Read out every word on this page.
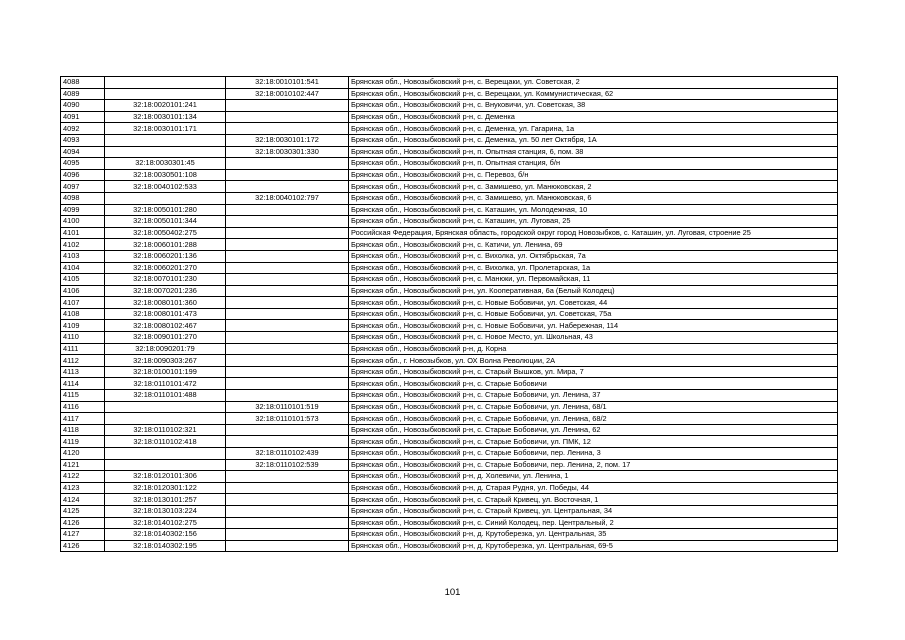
4088		32:18:0010101:541	Брянская обл., Новозыбковский р-н, с. Верещаки, ул. Советская, 2
4089		32:18:0010102:447	Брянская обл., Новозыбковский р-н, с. Верещаки, ул. Коммунистическая, 62
4090	32:18:0020101:241		Брянская обл., Новозыбковский р-н, с. Внуковичи, ул. Советская, 38
4091	32:18:0030101:134		Брянская обл., Новозыбковский р-н, с. Деменка
4092	32:18:0030101:171		Брянская обл., Новозыбковский р-н, с. Деменка, ул. Гагарина, 1а
4093		32:18:0030101:172	Брянская обл., Новозыбковский р-н, с. Деменка, ул. 50 лет Октября, 1А
4094		32:18:0030301:330	Брянская обл., Новозыбковский р-н, п. Опытная станция, 6, пом. 38
4095	32:18:0030301:45		Брянская обл., Новозыбковский р-н, п. Опытная станция, б/н
4096	32:18:0030501:108		Брянская обл., Новозыбковский р-н, с. Перевоз, б/н
4097	32:18:0040102:533		Брянская обл., Новозыбковский р-н, с. Замишево, ул. Манюковская, 2
4098		32:18:0040102:797	Брянская обл., Новозыбковский р-н, с. Замишево, ул. Манюковская, 6
4099	32:18:0050101:280		Брянская обл., Новозыбковский р-н, с. Каташин, ул. Молодежная, 10
4100	32:18:0050101:344		Брянская обл., Новозыбковский р-н, с. Каташин, ул. Луговая, 25
4101	32:18:0050402:275		Российская Федерация, Брянская область, городской округ город Новозыбков, с. Каташин, ул. Луговая, строение 25
4102	32:18:0060101:288		Брянская обл., Новозыбковский р-н, с. Катичи, ул. Ленина, 69
4103	32:18:0060201:136		Брянская обл., Новозыбковский р-н, с. Вихолка, ул. Октябрьская, 7а
4104	32:18:0060201:270		Брянская обл., Новозыбковский р-н, с. Вихолка, ул. Пролетарская, 1а
4105	32:18:0070101:230		Брянская обл., Новозыбковский р-н, с. Манюки, ул. Первомайская, 11
4106	32:18:0070201:236		Брянская обл., Новозыбковский р-н, ул. Кооперативная, 6а (Белый Колодец)
4107	32:18:0080101:360		Брянская обл., Новозыбковский р-н, с. Новые Бобовичи, ул. Советская, 44
4108	32:18:0080101:473		Брянская обл., Новозыбковский р-н, с. Новые Бобовичи, ул. Советская, 75а
4109	32:18:0080102:467		Брянская обл., Новозыбковский р-н, с. Новые Бобовичи, ул. Набережная, 114
4110	32:18:0090101:270		Брянская обл., Новозыбковский р-н, с. Новое Место, ул. Школьная, 43
4111	32:18:0090201:79		Брянская обл., Новозыбковский р-н, д. Корна
4112	32:18:0090303:267		Брянская обл., г. Новозыбков, ул. ОХ Волна Революции, 2А
4113	32:18:0100101:199		Брянская обл., Новозыбковский р-н, с. Старый Вышков, ул. Мира, 7
4114	32:18:0110101:472		Брянская обл., Новозыбковский р-н, с. Старые Бобовичи
4115	32:18:0110101:488		Брянская обл., Новозыбковский р-н, с. Старые Бобовичи, ул. Ленина, 37
4116		32:18:0110101:519	Брянская обл., Новозыбковский р-н, с. Старые Бобовичи, ул. Ленина, 68/1
4117		32:18:0110101:573	Брянская обл., Новозыбковский р-н, с. Старые Бобовичи, ул. Ленина, 68/2
4118	32:18:0110102:321		Брянская обл., Новозыбковский р-н, с. Старые Бобовичи, ул. Ленина, 62
4119	32:18:0110102:418		Брянская обл., Новозыбковский р-н, с. Старые Бобовичи, ул. ПМК, 12
4120		32:18:0110102:439	Брянская обл., Новозыбковский р-н, с. Старые Бобовичи, пер. Ленина, 3
4121		32:18:0110102:539	Брянская обл., Новозыбковский р-н, с. Старые Бобовичи, пер. Ленина, 2, пом. 17
4122	32:18:0120101:306		Брянская обл., Новозыбковский р-н, д. Холевичи, ул. Ленина, 1
4123	32:18:0120301:122		Брянская обл., Новозыбковский р-н, д. Старая Рудня, ул. Победы, 44
4124	32:18:0130101:257		Брянская обл., Новозыбковский р-н, с. Старый Кривец, ул. Восточная, 1
4125	32:18:0130103:224		Брянская обл., Новозыбковский р-н, с. Старый Кривец, ул. Центральная, 34
4126	32:18:0140102:275		Брянская обл., Новозыбковский р-н, с. Синий Колодец, пер. Центральный, 2
4127	32:18:0140302:156		Брянская обл., Новозыбковский р-н, д. Крутоберезка, ул. Центральная, 35
4126	32:18:0140302:195		Брянская обл., Новозыбковский р-н, д. Крутоберезка, ул. Центральная, 69-5
101
